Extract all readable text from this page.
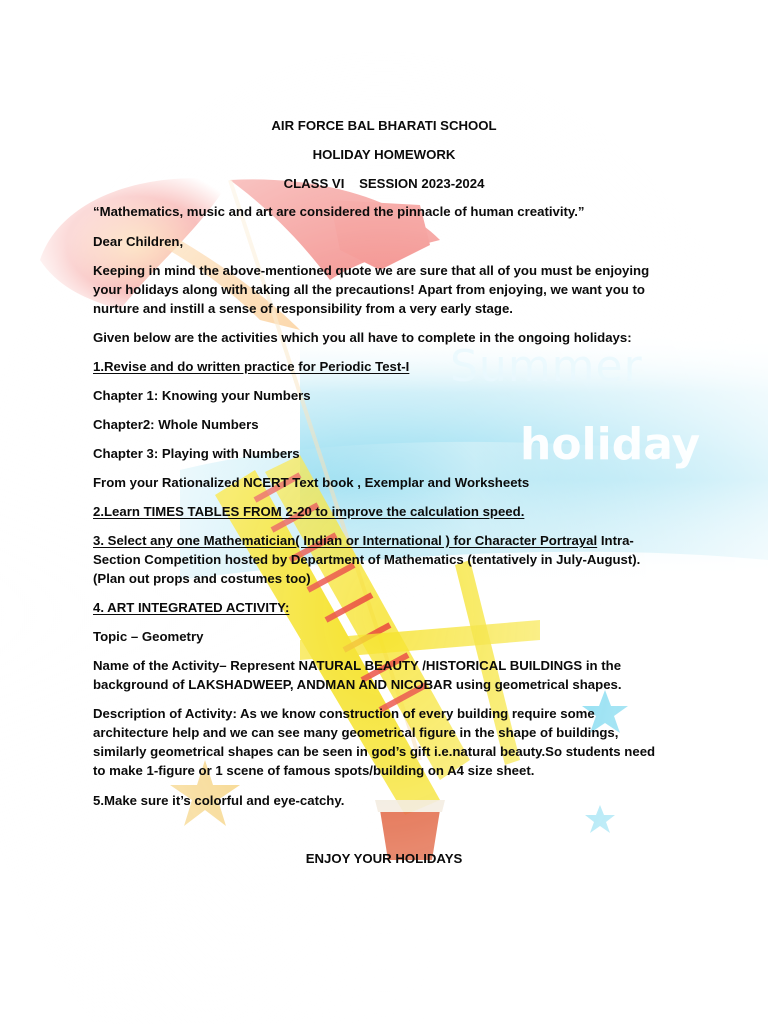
Summer
holiday
AIR FORCE BAL BHARATI SCHOOL
HOLIDAY HOMEWORK
CLASS VI SESSION 2023-2024
“Mathematics, music and art are considered the pinnacle of human creativity.”
Dear Children,
Keeping in mind the above-mentioned quote we are sure that all of you must be enjoying
your holidays along with taking all the precautions! Apart from enjoying, we want you to
nurture and instill a sense of responsibility from a very early stage.
Given below are the activities which you all have to complete in the ongoing holidays:
1.Revise and do written practice for Periodic Test-I
Chapter 1: Knowing your Numbers
Chapter2: Whole Numbers
Chapter 3: Playing with Numbers
From your Rationalized NCERT Text book , Exemplar and Worksheets
2.Learn TIMES TABLES FROM 2-20 to improve the calculation speed.
3. Select any one Mathematician( Indian or International ) for Character Portrayal Intra-
Section Competition hosted by Department of Mathematics (tentatively in July-August).
(Plan out props and costumes too)
4. ART INTEGRATED ACTIVITY:
Topic – Geometry
Name of the Activity– Represent NATURAL BEAUTY /HISTORICAL BUILDINGS in the
background of LAKSHADWEEP, ANDMAN AND NICOBAR using geometrical shapes.
Description of Activity: As we know construction of every building require some
architecture help and we can see many geometrical figure in the shape of buildings,
similarly geometrical shapes can be seen in god’s gift i.e.natural beauty.So students need
to make 1-figure or 1 scene of famous spots/building on A4 size sheet.
5.Make sure it’s colorful and eye-catchy.
ENJOY YOUR HOLIDAYS
